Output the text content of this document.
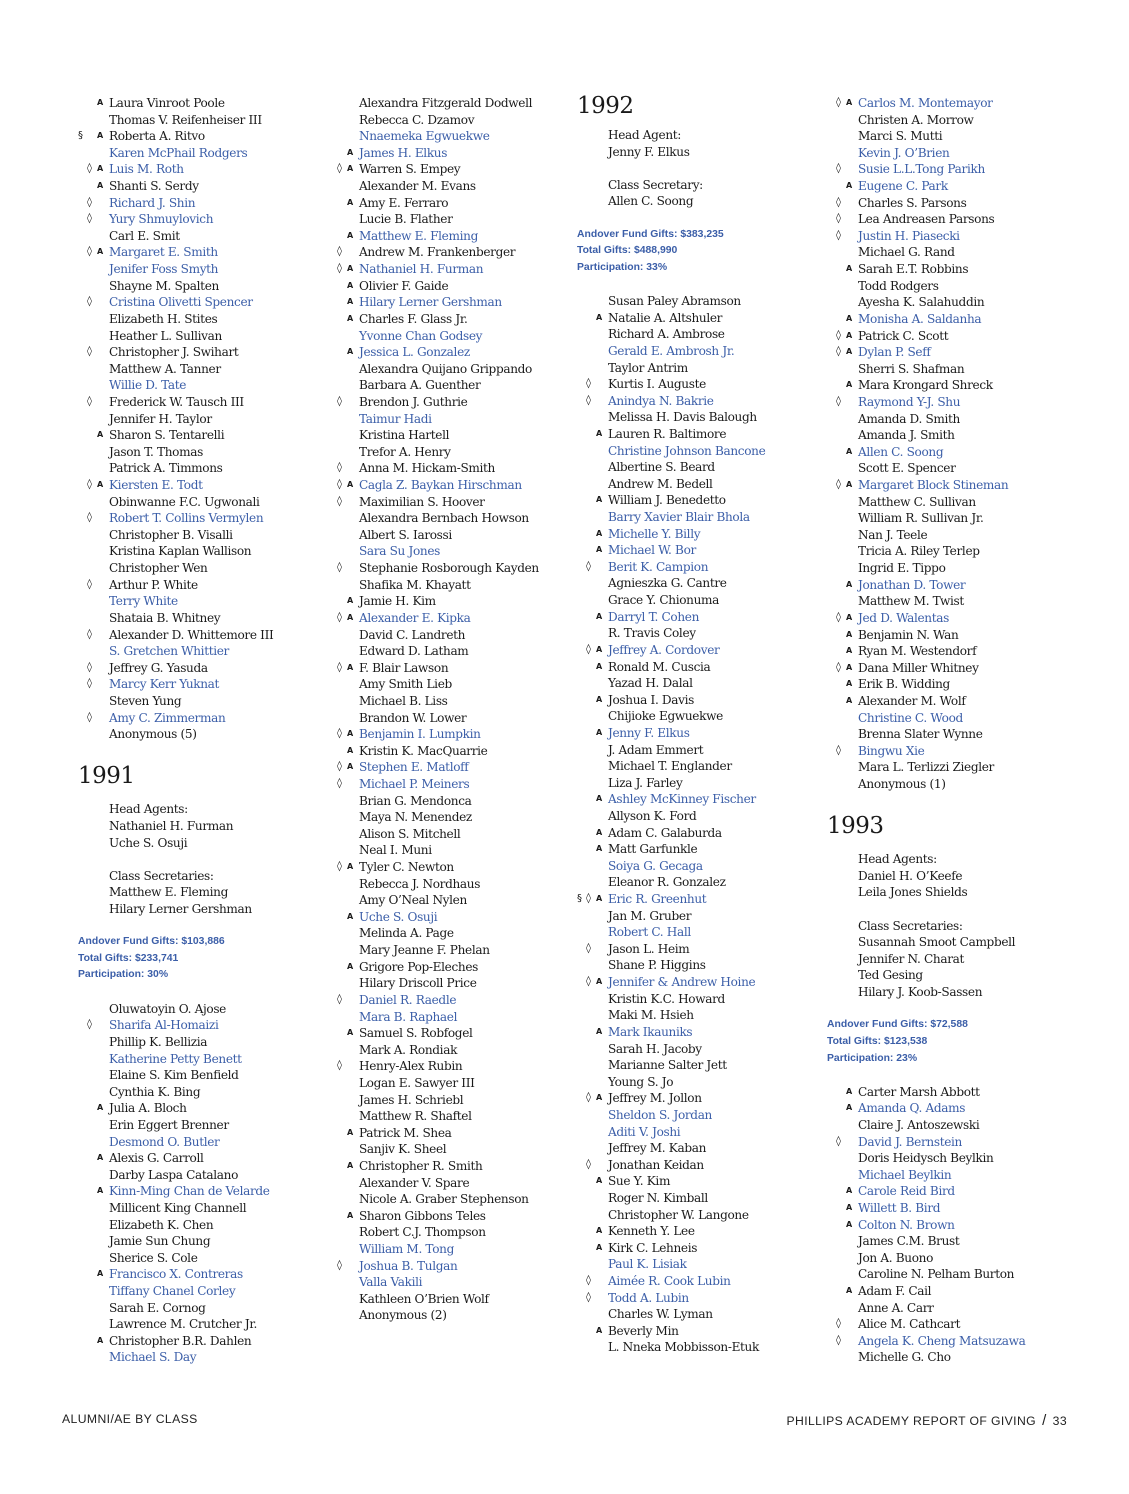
A Laura Vinroot Poole
Thomas V. Reifenheiser III
§ A Roberta A. Ritvo
Karen McPhail Rodgers
◊ A Luis M. Roth
A Shanti S. Serdy
◊ Richard J. Shin
◊ Yury Shmuylovich
Carl E. Smit
◊ A Margaret E. Smith
Jenifer Foss Smyth
Shayne M. Spalten
◊ Cristina Olivetti Spencer
Elizabeth H. Stites
Heather L. Sullivan
◊ Christopher J. Swihart
Matthew A. Tanner
Willie D. Tate
◊ Frederick W. Tausch III
Jennifer H. Taylor
A Sharon S. Tentarelli
Jason T. Thomas
Patrick A. Timmons
◊ A Kiersten E. Todt
Obinwanne F.C. Ugwonali
◊ Robert T. Collins Vermylen
Christopher B. Visalli
Kristina Kaplan Wallison
Christopher Wen
◊ Arthur P. White
Terry White
Shataia B. Whitney
◊ Alexander D. Whittemore III
S. Gretchen Whittier
◊ Jeffrey G. Yasuda
◊ Marcy Kerr Yuknat
Steven Yung
◊ Amy C. Zimmerman
Anonymous (5)
1991
Head Agents:
Nathaniel H. Furman
Uche S. Osuji
Class Secretaries:
Matthew E. Fleming
Hilary Lerner Gershman
Andover Fund Gifts: $103,886
Total Gifts: $233,741
Participation: 30%
Oluwatoyin O. Ajose
◊ Sharifa Al-Homaizi
Phillip K. Bellizia
Katherine Petty Benett
Elaine S. Kim Benfield
Cynthia K. Bing
A Julia A. Bloch
Erin Eggert Brenner
Desmond O. Butler
A Alexis G. Carroll
Darby Laspa Catalano
A Kinn-Ming Chan de Velarde
Millicent King Channell
Elizabeth K. Chen
Jamie Sun Chung
Sherice S. Cole
A Francisco X. Contreras
Tiffany Chanel Corley
Sarah E. Cornog
Lawrence M. Crutcher Jr.
A Christopher B.R. Dahlen
Michael S. Day
Alexandra Fitzgerald Dodwell
Rebecca C. Dzamov
Nnaemeka Egwuekwe
A James H. Elkus
◊ A Warren S. Empey
Alexander M. Evans
A Amy E. Ferraro
Lucie B. Flather
A Matthew E. Fleming
◊ Andrew M. Frankenberger
◊ A Nathaniel H. Furman
A Olivier F. Gaide
A Hilary Lerner Gershman
A Charles F. Glass Jr.
Yvonne Chan Godsey
A Jessica L. Gonzalez
Alexandra Quijano Grippando
Barbara A. Guenther
◊ Brendon J. Guthrie
Taimur Hadi
Kristina Hartell
Trefor A. Henry
◊ Anna M. Hickam-Smith
◊ A Cagla Z. Baykan Hirschman
◊ Maximilian S. Hoover
Alexandra Bernbach Howson
Albert S. Iarossi
Sara Su Jones
◊ Stephanie Rosborough Kayden
Shafika M. Khayatt
A Jamie H. Kim
◊ A Alexander E. Kipka
David C. Landreth
Edward D. Latham
◊ A F. Blair Lawson
Amy Smith Lieb
Michael B. Liss
Brandon W. Lower
◊ A Benjamin I. Lumpkin
A Kristin K. MacQuarrie
◊ A Stephen E. Matloff
◊ Michael P. Meiners
Brian G. Mendonca
Maya N. Menendez
Alison S. Mitchell
Neal I. Muni
◊ A Tyler C. Newton
Rebecca J. Nordhaus
Amy O’Neal Nylen
A Uche S. Osuji
Melinda A. Page
Mary Jeanne F. Phelan
A Grigore Pop-Eleches
Hilary Driscoll Price
◊ Daniel R. Raedle
Mara B. Raphael
A Samuel S. Robfogel
Mark A. Rondiak
◊ Henry-Alex Rubin
Logan E. Sawyer III
James H. Schriebl
Matthew R. Shaftel
A Patrick M. Shea
Sanjiv K. Sheel
A Christopher R. Smith
Alexander V. Spare
Nicole A. Graber Stephenson
A Sharon Gibbons Teles
Robert C.J. Thompson
William M. Tong
◊ Joshua B. Tulgan
Valla Vakili
Kathleen O’Brien Wolf
Anonymous (2)
1992
Head Agent:
Jenny F. Elkus
Class Secretary:
Allen C. Soong
Andover Fund Gifts: $383,235
Total Gifts: $488,990
Participation: 33%
Susan Paley Abramson
A Natalie A. Altshuler
Richard A. Ambrose
Gerald E. Ambrosh Jr.
Taylor Antrim
◊ Kurtis I. Auguste
◊ Anindya N. Bakrie
Melissa H. Davis Balough
A Lauren R. Baltimore
Christine Johnson Bancone
Albertine S. Beard
Andrew M. Bedell
A William J. Benedetto
Barry Xavier Blair Bhola
A Michelle Y. Billy
A Michael W. Bor
◊ Berit K. Campion
Agnieszka G. Cantre
Grace Y. Chionuma
A Darryl T. Cohen
R. Travis Coley
◊ A Jeffrey A. Cordover
A Ronald M. Cuscia
Yazad H. Dalal
A Joshua I. Davis
Chijioke Egwuekwe
A Jenny F. Elkus
J. Adam Emmert
Michael T. Englander
Liza J. Farley
A Ashley McKinney Fischer
Allyson K. Ford
A Adam C. Galaburda
A Matt Garfunkle
Soiya G. Gecaga
Eleanor R. Gonzalez
§ ◊ A Eric R. Greenhut
Jan M. Gruber
Robert C. Hall
◊ Jason L. Heim
Shane P. Higgins
◊ A Jennifer & Andrew Hoine
Kristin K.C. Howard
Maki M. Hsieh
A Mark Ikauniks
Sarah H. Jacoby
Marianne Salter Jett
Young S. Jo
◊ A Jeffrey M. Jollon
Sheldon S. Jordan
Aditi V. Joshi
Jeffrey M. Kaban
◊ Jonathan Keidan
A Sue Y. Kim
Roger N. Kimball
Christopher W. Langone
A Kenneth Y. Lee
A Kirk C. Lehneis
Paul K. Lisiak
◊ Aimée R. Cook Lubin
◊ Todd A. Lubin
Charles W. Lyman
A Beverly Min
L. Nneka Mobbisson-Etuk
◊ A Carlos M. Montemayor
Christen A. Morrow
Marci S. Mutti
Kevin J. O’Brien
◊ Susie L.L.Tong Parikh
A Eugene C. Park
◊ Charles S. Parsons
◊ Lea Andreasen Parsons
◊ Justin H. Piasecki
Michael G. Rand
A Sarah E.T. Robbins
Todd Rodgers
Ayesha K. Salahuddin
A Monisha A. Saldanha
◊ A Patrick C. Scott
◊ A Dylan P. Seff
Sherri S. Shafman
A Mara Krongard Shreck
◊ Raymond Y-J. Shu
Amanda D. Smith
Amanda J. Smith
A Allen C. Soong
Scott E. Spencer
◊ A Margaret Block Stineman
Matthew C. Sullivan
William R. Sullivan Jr.
Nan J. Teele
Tricia A. Riley Terlep
Ingrid E. Tippo
A Jonathan D. Tower
Matthew M. Twist
◊ A Jed D. Walentas
A Benjamin N. Wan
A Ryan M. Westendorf
◊ A Dana Miller Whitney
A Erik B. Widding
A Alexander M. Wolf
Christine C. Wood
Brenna Slater Wynne
◊ Bingwu Xie
Mara L. Terlizzi Ziegler
Anonymous (1)
1993
Head Agents:
Daniel H. O’Keefe
Leila Jones Shields
Class Secretaries:
Susannah Smoot Campbell
Jennifer N. Charat
Ted Gesing
Hilary J. Koob-Sassen
Andover Fund Gifts: $72,588
Total Gifts: $123,538
Participation: 23%
A Carter Marsh Abbott
A Amanda Q. Adams
Claire J. Antoszewski
◊ David J. Bernstein
Doris Heidysch Beylkin
Michael Beylkin
A Carole Reid Bird
A Willett B. Bird
A Colton N. Brown
James C.M. Brust
Jon A. Buono
Caroline N. Pelham Burton
A Adam F. Cail
Anne A. Carr
◊ Alice M. Cathcart
◊ Angela K. Cheng Matsuzawa
Michelle G. Cho
ALUMNI/AE BY CLASS	PHILLIPS ACADEMY REPORT OF GIVING / 33
